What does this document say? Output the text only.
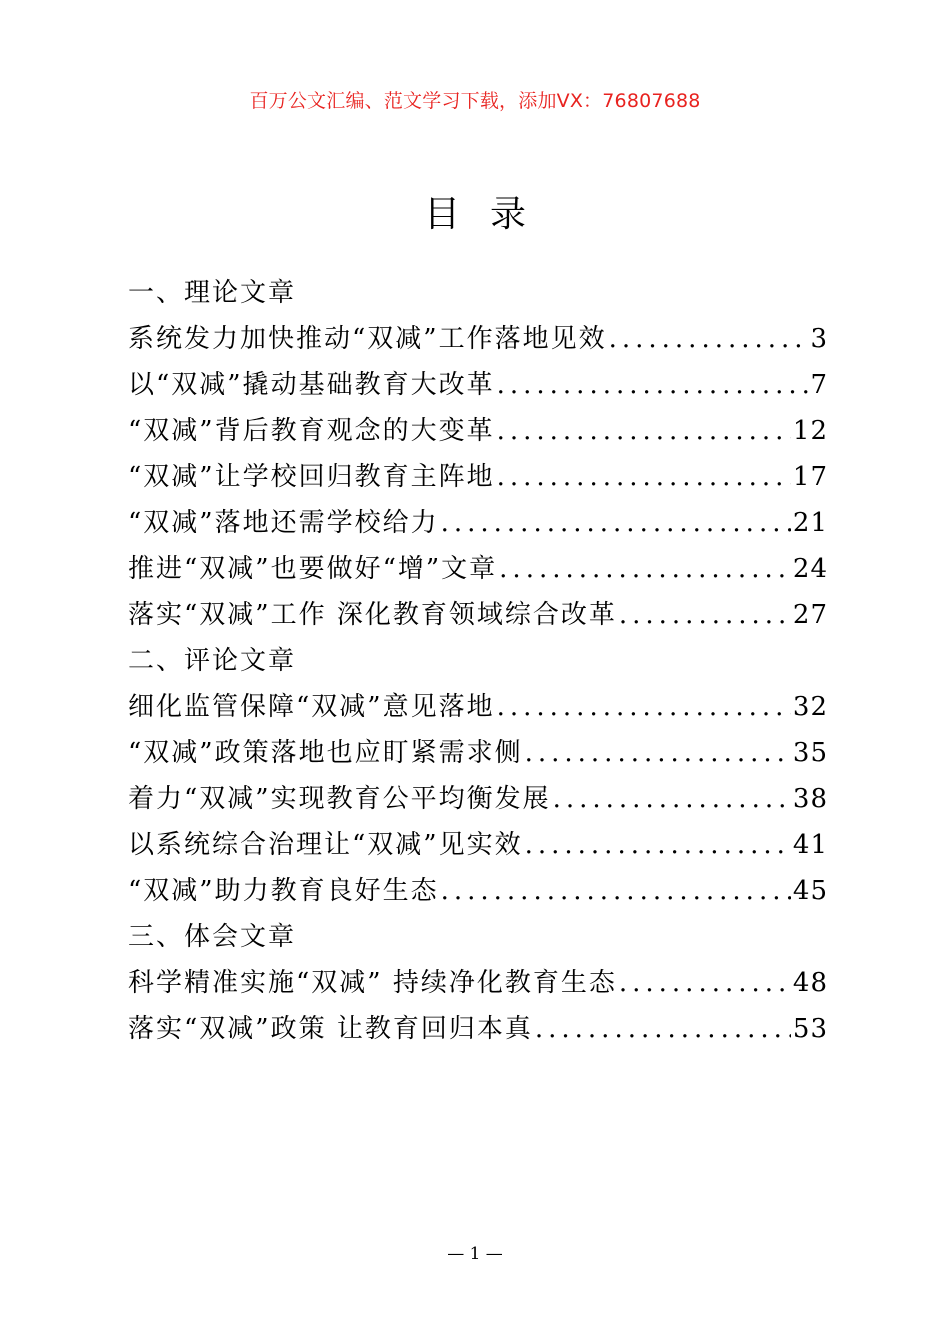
百万公文汇编、范文学习下载，添加VX：76807688
目录
一、理论文章
系统发力加快推动“双减”工作落地见效 .....	3
以“双减”撬动基础教育大改革 .....	7
“双减”背后教育观念的大变革 .....	12
“双减”让学校回归教育主阵地 .....	17
“双减”落地还需学校给力 .....	21
推进“双减”也要做好“增”文章 .....	24
落实“双减”工作 深化教育领域综合改革 .....	27
二、评论文章
细化监管保障“双减”意见落地 .....	32
“双减”政策落地也应盯紧需求侧 .....	35
着力“双减”实现教育公平均衡发展 .....	38
以系统综合治理让“双减”见实效 .....	41
“双减”助力教育良好生态 .....	45
三、体会文章
科学精准实施“双减” 持续净化教育生态 .....	48
落实“双减”政策 让教育回归本真 .....	53
— 1 —
